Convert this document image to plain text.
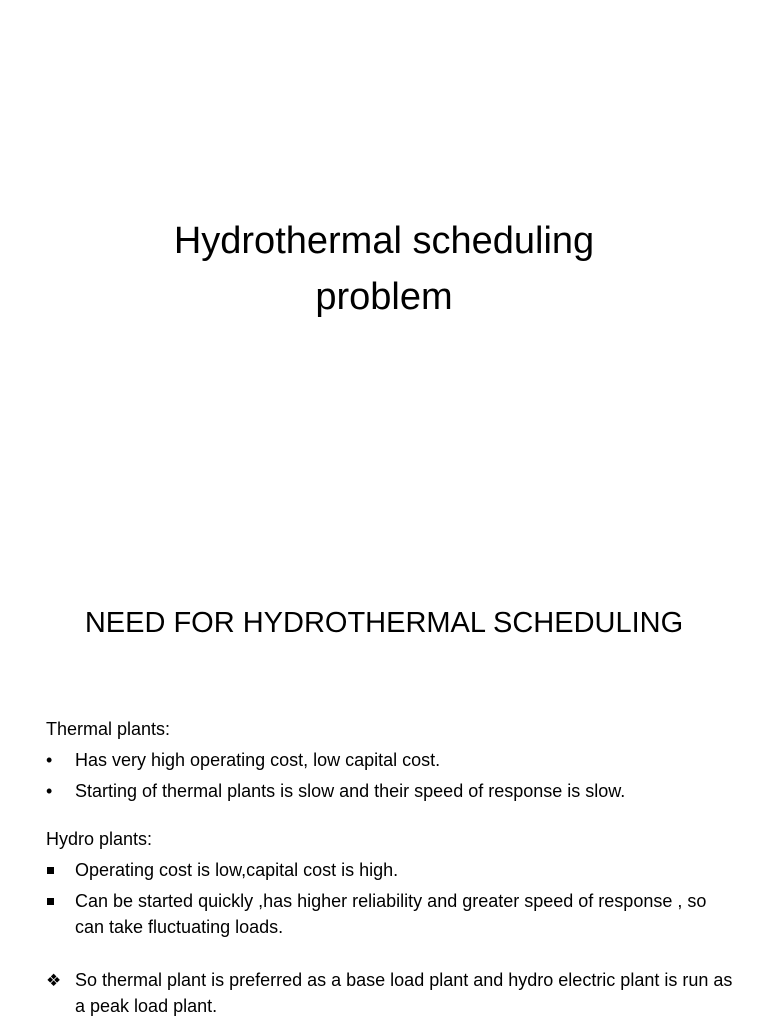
Hydrothermal scheduling
problem
NEED FOR HYDROTHERMAL SCHEDULING

Thermal plants:

•
Has very high operating cost, low capital cost.
•
Starting of thermal plants is slow and their speed of response is slow.

Hydro plants:

Operating cost is low,capital cost is high.
Can be started quickly ,has higher reliability and greater speed of response , so can take fluctuating loads.
❖
So thermal plant is preferred as a base load plant and hydro electric plant is run as a peak load plant.
